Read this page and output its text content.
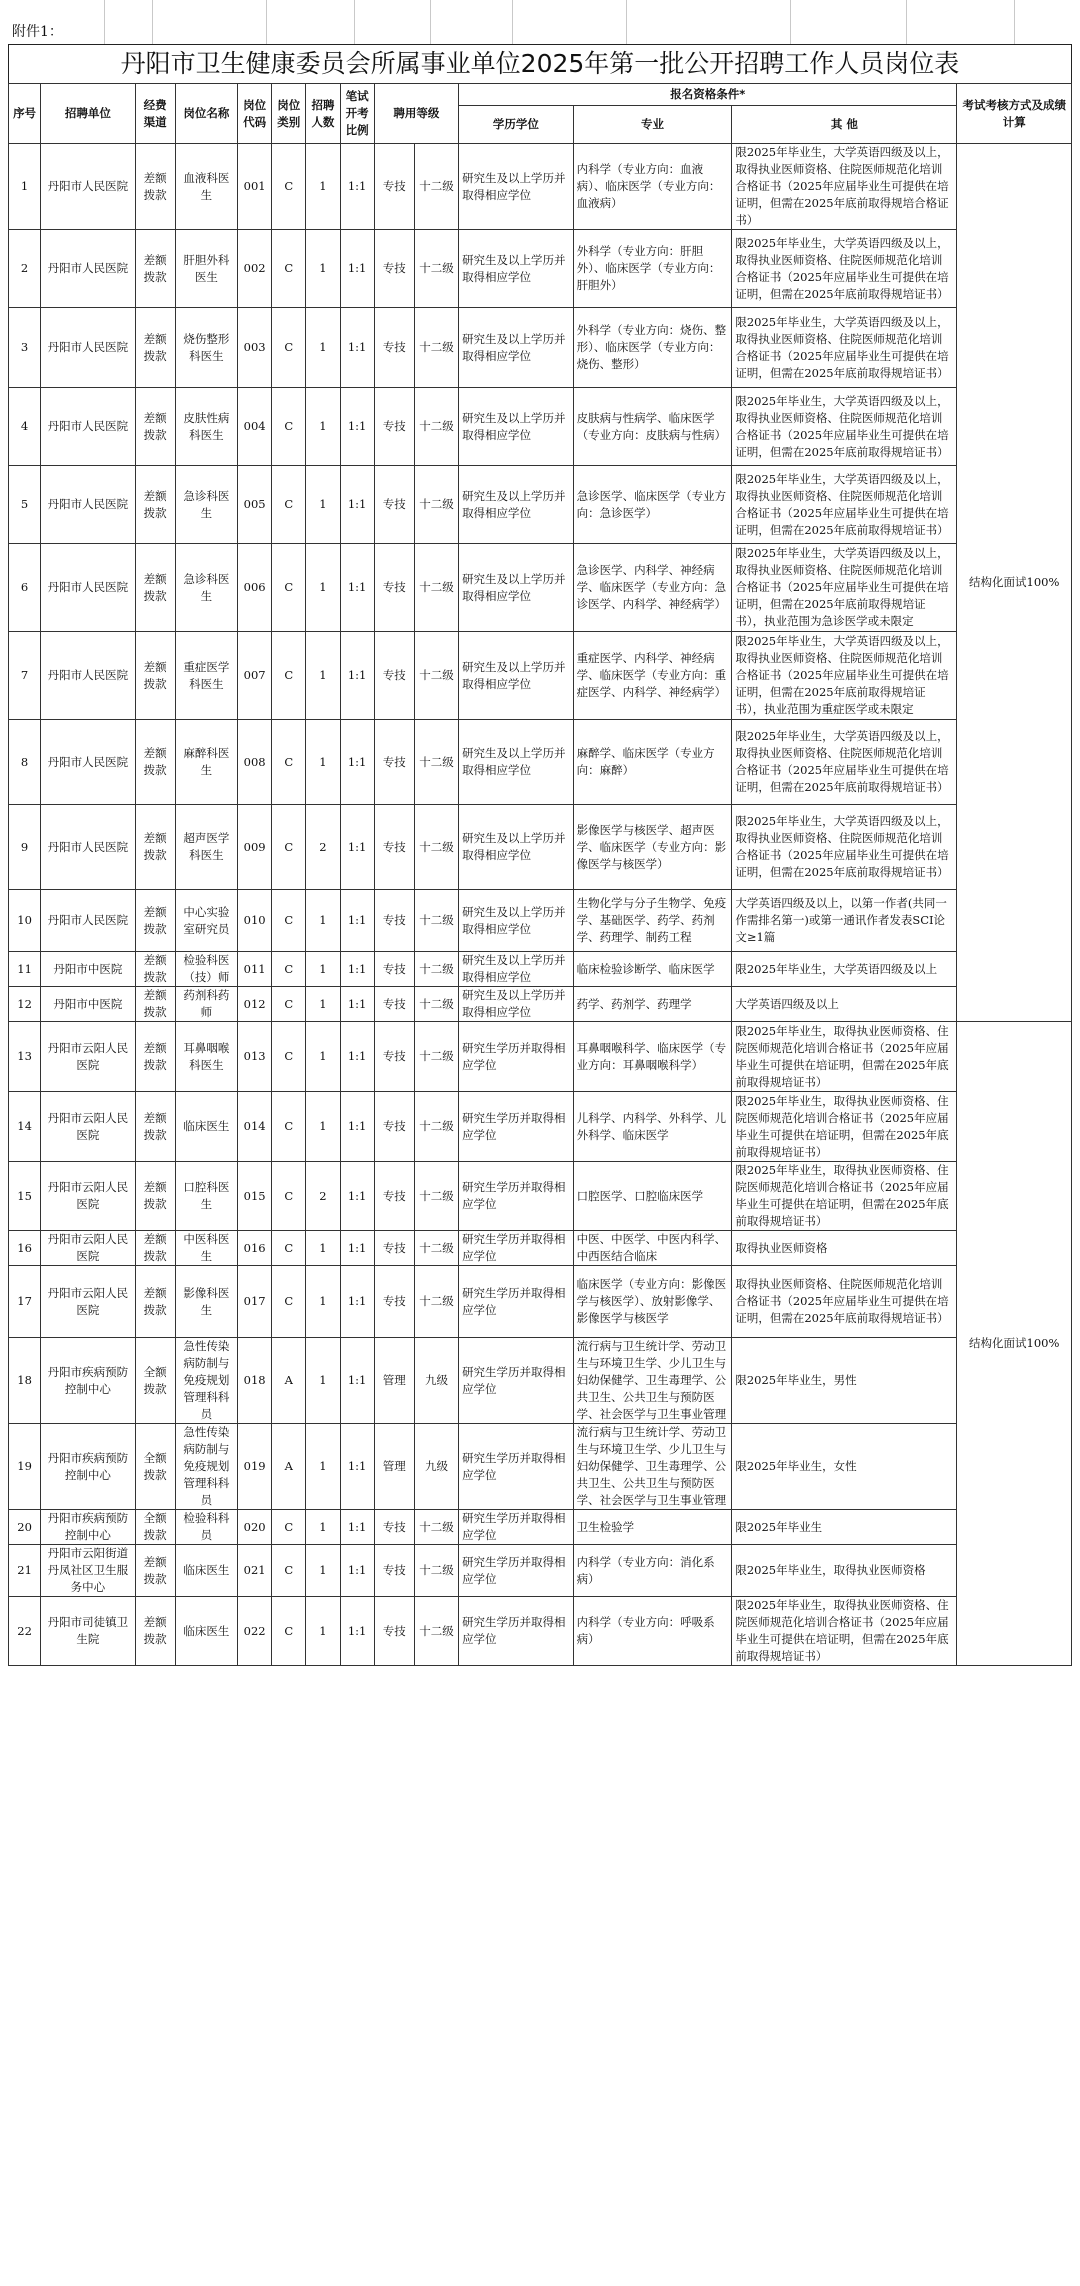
附件1：
丹阳市卫生健康委员会所属事业单位2025年第一批公开招聘工作人员岗位表
序号	招聘单位	经费渠道	岗位名称	岗位代码	岗位类别	招聘人数	笔试开考比例	聘用等级		报名资格条件*			考试考核方式及成绩计算
										学历学位	专业	其 他	
1	丹阳市人民医院	差额拨款	血液科医生	001	C	1	1:1	专技	十二级	研究生及以上学历并取得相应学位	内科学（专业方向：血液病）、临床医学（专业方向：血液病）	限2025年毕业生，大学英语四级及以上，取得执业医师资格、住院医师规范化培训合格证书（2025年应届毕业生可提供在培证明，但需在2025年底前取得规培合格证书）	结构化面试100%
2	丹阳市人民医院	差额拨款	肝胆外科医生	002	C	1	1:1	专技	十二级	研究生及以上学历并取得相应学位	外科学（专业方向：肝胆外）、临床医学（专业方向：肝胆外）	限2025年毕业生，大学英语四级及以上，取得执业医师资格、住院医师规范化培训合格证书（2025年应届毕业生可提供在培证明，但需在2025年底前取得规培证书）	
3	丹阳市人民医院	差额拨款	烧伤整形科医生	003	C	1	1:1	专技	十二级	研究生及以上学历并取得相应学位	外科学（专业方向：烧伤、整形）、临床医学（专业方向：烧伤、整形）	限2025年毕业生，大学英语四级及以上，取得执业医师资格、住院医师规范化培训合格证书（2025年应届毕业生可提供在培证明，但需在2025年底前取得规培证书）	
4	丹阳市人民医院	差额拨款	皮肤性病科医生	004	C	1	1:1	专技	十二级	研究生及以上学历并取得相应学位	皮肤病与性病学、临床医学（专业方向：皮肤病与性病）	限2025年毕业生，大学英语四级及以上，取得执业医师资格、住院医师规范化培训合格证书（2025年应届毕业生可提供在培证明，但需在2025年底前取得规培证书）	
5	丹阳市人民医院	差额拨款	急诊科医生	005	C	1	1:1	专技	十二级	研究生及以上学历并取得相应学位	急诊医学、临床医学（专业方向：急诊医学）	限2025年毕业生，大学英语四级及以上，取得执业医师资格、住院医师规范化培训合格证书（2025年应届毕业生可提供在培证明，但需在2025年底前取得规培证书）	
6	丹阳市人民医院	差额拨款	急诊科医生	006	C	1	1:1	专技	十二级	研究生及以上学历并取得相应学位	急诊医学、内科学、神经病学、临床医学（专业方向：急诊医学、内科学、神经病学）	限2025年毕业生，大学英语四级及以上，取得执业医师资格、住院医师规范化培训合格证书（2025年应届毕业生可提供在培证明，但需在2025年底前取得规培证书），执业范围为急诊医学或未限定	
7	丹阳市人民医院	差额拨款	重症医学科医生	007	C	1	1:1	专技	十二级	研究生及以上学历并取得相应学位	重症医学、内科学、神经病学、临床医学（专业方向：重症医学、内科学、神经病学）	限2025年毕业生，大学英语四级及以上，取得执业医师资格、住院医师规范化培训合格证书（2025年应届毕业生可提供在培证明，但需在2025年底前取得规培证书），执业范围为重症医学或未限定	
8	丹阳市人民医院	差额拨款	麻醉科医生	008	C	1	1:1	专技	十二级	研究生及以上学历并取得相应学位	麻醉学、临床医学（专业方向：麻醉）	限2025年毕业生，大学英语四级及以上，取得执业医师资格、住院医师规范化培训合格证书（2025年应届毕业生可提供在培证明，但需在2025年底前取得规培证书）	
9	丹阳市人民医院	差额拨款	超声医学科医生	009	C	2	1:1	专技	十二级	研究生及以上学历并取得相应学位	影像医学与核医学、超声医学、临床医学（专业方向：影像医学与核医学）	限2025年毕业生，大学英语四级及以上，取得执业医师资格、住院医师规范化培训合格证书（2025年应届毕业生可提供在培证明，但需在2025年底前取得规培证书）	
10	丹阳市人民医院	差额拨款	中心实验室研究员	010	C	1	1:1	专技	十二级	研究生及以上学历并取得相应学位	生物化学与分子生物学、免疫学、基础医学、药学、药剂学、药理学、制药工程	大学英语四级及以上，以第一作者(共同一作需排名第一)或第一通讯作者发表SCI论文≥1篇	
11	丹阳市中医院	差额拨款	检验科医（技）师	011	C	1	1:1	专技	十二级	研究生及以上学历并取得相应学位	临床检验诊断学、临床医学	限2025年毕业生，大学英语四级及以上	
12	丹阳市中医院	差额拨款	药剂科药师	012	C	1	1:1	专技	十二级	研究生及以上学历并取得相应学位	药学、药剂学、药理学	大学英语四级及以上	
13	丹阳市云阳人民医院	差额拨款	耳鼻咽喉科医生	013	C	1	1:1	专技	十二级	研究生学历并取得相应学位	耳鼻咽喉科学、临床医学（专业方向：耳鼻咽喉科学）	限2025年毕业生，取得执业医师资格、住院医师规范化培训合格证书（2025年应届毕业生可提供在培证明，但需在2025年底前取得规培证书）	结构化面试100%
14	丹阳市云阳人民医院	差额拨款	临床医生	014	C	1	1:1	专技	十二级	研究生学历并取得相应学位	儿科学、内科学、外科学、儿外科学、临床医学	限2025年毕业生，取得执业医师资格、住院医师规范化培训合格证书（2025年应届毕业生可提供在培证明，但需在2025年底前取得规培证书）	
15	丹阳市云阳人民医院	差额拨款	口腔科医生	015	C	2	1:1	专技	十二级	研究生学历并取得相应学位	口腔医学、口腔临床医学	限2025年毕业生，取得执业医师资格、住院医师规范化培训合格证书（2025年应届毕业生可提供在培证明，但需在2025年底前取得规培证书）	
16	丹阳市云阳人民医院	差额拨款	中医科医生	016	C	1	1:1	专技	十二级	研究生学历并取得相应学位	中医、中医学、中医内科学、中西医结合临床	取得执业医师资格	
17	丹阳市云阳人民医院	差额拨款	影像科医生	017	C	1	1:1	专技	十二级	研究生学历并取得相应学位	临床医学（专业方向：影像医学与核医学）、放射影像学、影像医学与核医学	取得执业医师资格、住院医师规范化培训合格证书（2025年应届毕业生可提供在培证明，但需在2025年底前取得规培证书）	
18	丹阳市疾病预防控制中心	全额拨款	急性传染病防制与免疫规划管理科科员	018	A	1	1:1	管理	九级	研究生学历并取得相应学位	流行病与卫生统计学、劳动卫生与环境卫生学、少儿卫生与妇幼保健学、卫生毒理学、公共卫生、公共卫生与预防医学、社会医学与卫生事业管理	限2025年毕业生，男性	
19	丹阳市疾病预防控制中心	全额拨款	急性传染病防制与免疫规划管理科科员	019	A	1	1:1	管理	九级	研究生学历并取得相应学位	流行病与卫生统计学、劳动卫生与环境卫生学、少儿卫生与妇幼保健学、卫生毒理学、公共卫生、公共卫生与预防医学、社会医学与卫生事业管理	限2025年毕业生，女性	
20	丹阳市疾病预防控制中心	全额拨款	检验科科员	020	C	1	1:1	专技	十二级	研究生学历并取得相应学位	卫生检验学	限2025年毕业生	
21	丹阳市云阳街道丹凤社区卫生服务中心	差额拨款	临床医生	021	C	1	1:1	专技	十二级	研究生学历并取得相应学位	内科学（专业方向：消化系病）	限2025年毕业生，取得执业医师资格	
22	丹阳市司徒镇卫生院	差额拨款	临床医生	022	C	1	1:1	专技	十二级	研究生学历并取得相应学位	内科学（专业方向：呼吸系病）	限2025年毕业生，取得执业医师资格、住院医师规范化培训合格证书（2025年应届毕业生可提供在培证明，但需在2025年底前取得规培证书）	
